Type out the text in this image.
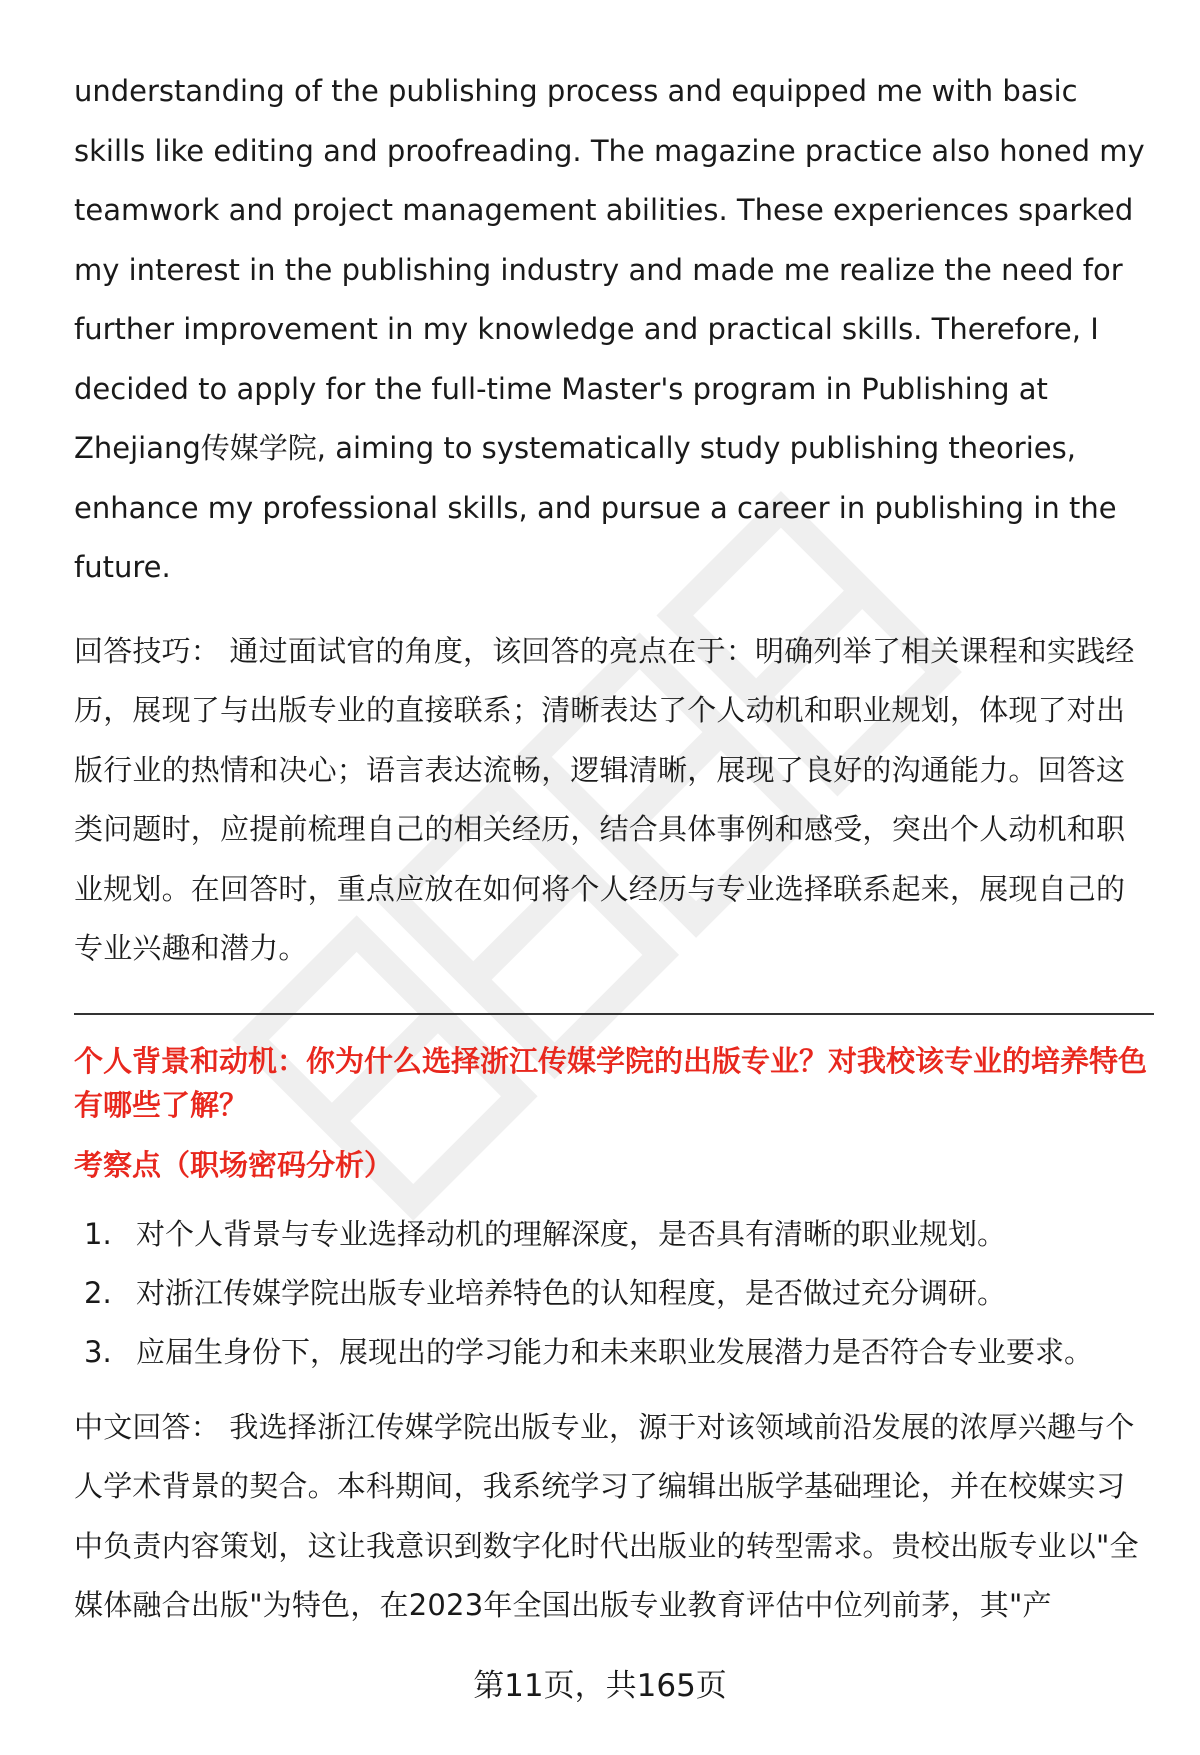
understanding of the publishing process and equipped me with basic skills like editing and proofreading. The magazine practice also honed my teamwork and project management abilities. These experiences sparked my interest in the publishing industry and made me realize the need for further improvement in my knowledge and practical skills. Therefore, I decided to apply for the full-time Master's program in Publishing at Zhejiang传媒学院, aiming to systematically study publishing theories, enhance my professional skills, and pursue a career in publishing in the future.

回答技巧： 通过面试官的角度，该回答的亮点在于：明确列举了相关课程和实践经历，展现了与出版专业的直接联系；清晰表达了个人动机和职业规划，体现了对出版行业的热情和决心；语言表达流畅，逻辑清晰，展现了良好的沟通能力。回答这类问题时，应提前梳理自己的相关经历，结合具体事例和感受，突出个人动机和职业规划。在回答时，重点应放在如何将个人经历与专业选择联系起来，展现自己的专业兴趣和潜力。

个人背景和动机：你为什么选择浙江传媒学院的出版专业？对我校该专业的培养特色有哪些了解？
考察点（职场密码分析）
1. 对个人背景与专业选择动机的理解深度，是否具有清晰的职业规划。
2. 对浙江传媒学院出版专业培养特色的认知程度，是否做过充分调研。
3. 应届生身份下，展现出的学习能力和未来职业发展潜力是否符合专业要求。

中文回答： 我选择浙江传媒学院出版专业，源于对该领域前沿发展的浓厚兴趣与个人学术背景的契合。本科期间，我系统学习了编辑出版学基础理论，并在校媒实习中负责内容策划，这让我意识到数字化时代出版业的转型需求。贵校出版专业以"全媒体融合出版"为特色，在2023年全国出版专业教育评估中位列前茅，其"产

第11页，共165页
